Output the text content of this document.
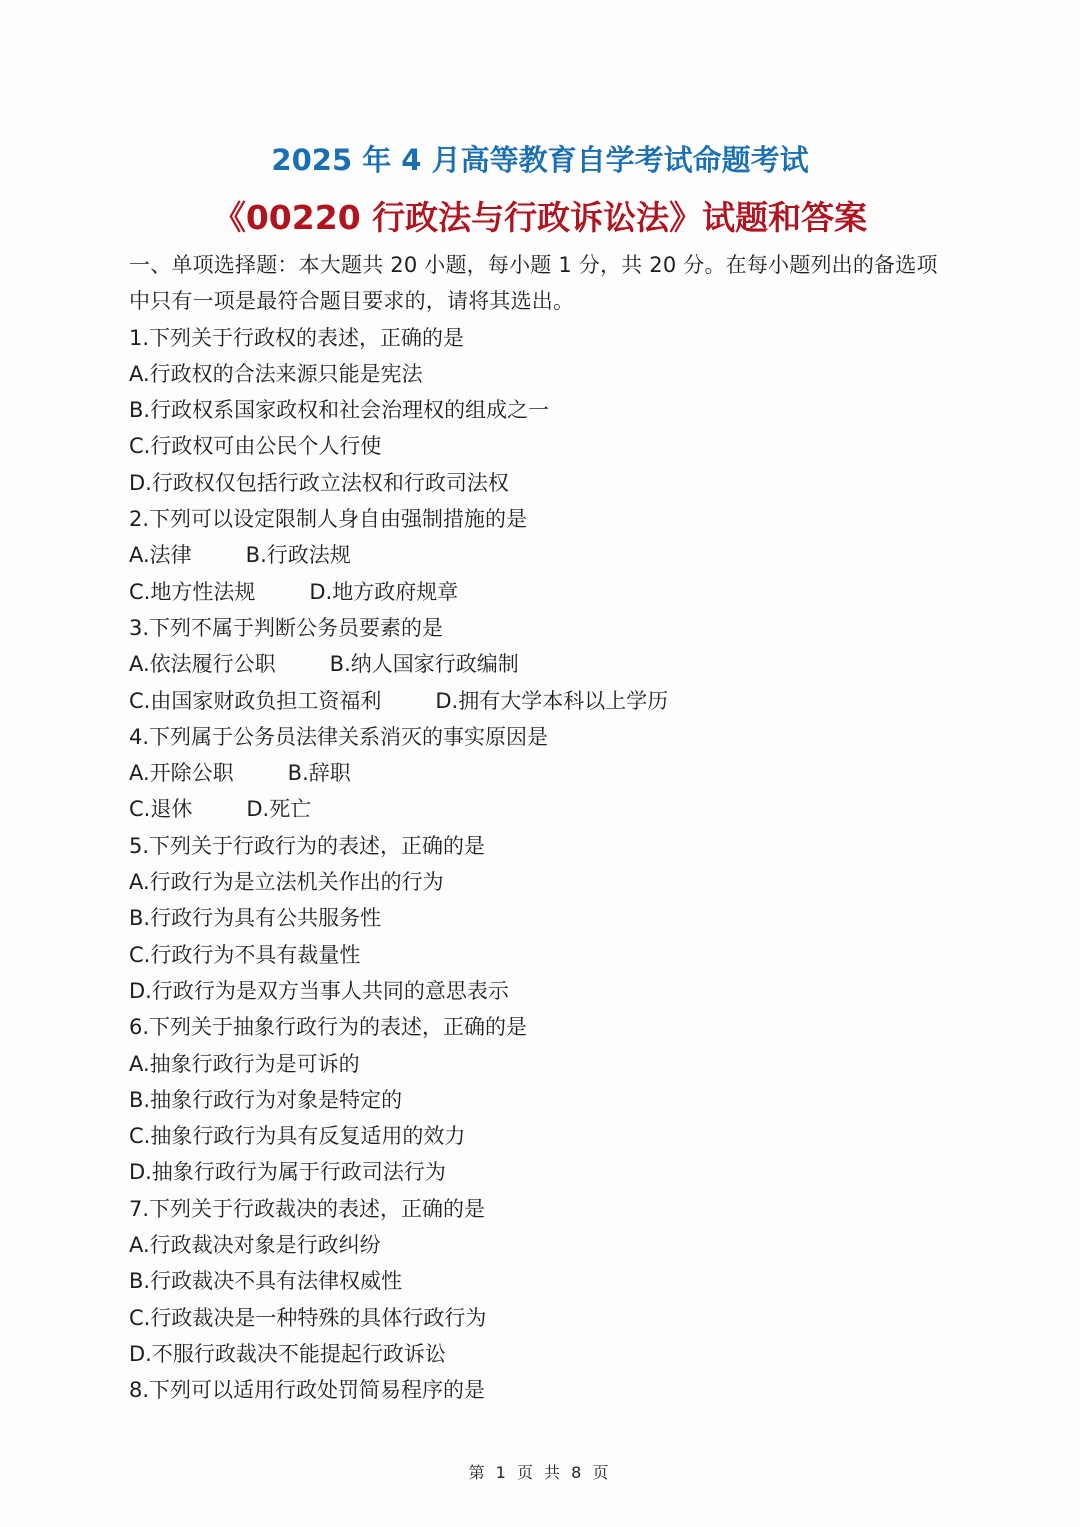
2025 年 4 月高等教育自学考试命题考试
《00220 行政法与行政诉讼法》试题和答案
一、单项选择题：本大题共 20 小题，每小题 1 分，共 20 分。在每小题列出的备选项
中只有一项是最符合题目要求的，请将其选出。
1.下列关于行政权的表述，正确的是
A.行政权的合法来源只能是宪法
B.行政权系国家政权和社会治理权的组成之一
C.行政权可由公民个人行使
D.行政权仅包括行政立法权和行政司法权
2.下列可以设定限制人身自由强制措施的是
A.法律	B.行政法规
C.地方性法规	D.地方政府规章
3.下列不属于判断公务员要素的是
A.依法履行公职	B.纳人国家行政编制
C.由国家财政负担工资福利	D.拥有大学本科以上学历
4.下列属于公务员法律关系消灭的事实原因是
A.开除公职	B.辞职
C.退休	D.死亡
5.下列关于行政行为的表述，正确的是
A.行政行为是立法机关作出的行为
B.行政行为具有公共服务性
C.行政行为不具有裁量性
D.行政行为是双方当事人共同的意思表示
6.下列关于抽象行政行为的表述，正确的是
A.抽象行政行为是可诉的
B.抽象行政行为对象是特定的
C.抽象行政行为具有反复适用的效力
D.抽象行政行为属于行政司法行为
7.下列关于行政裁决的表述，正确的是
A.行政裁决对象是行政纠纷
B.行政裁决不具有法律权威性
C.行政裁决是一种特殊的具体行政行为
D.不服行政裁决不能提起行政诉讼
8.下列可以适用行政处罚简易程序的是
第 1 页 共 8 页
